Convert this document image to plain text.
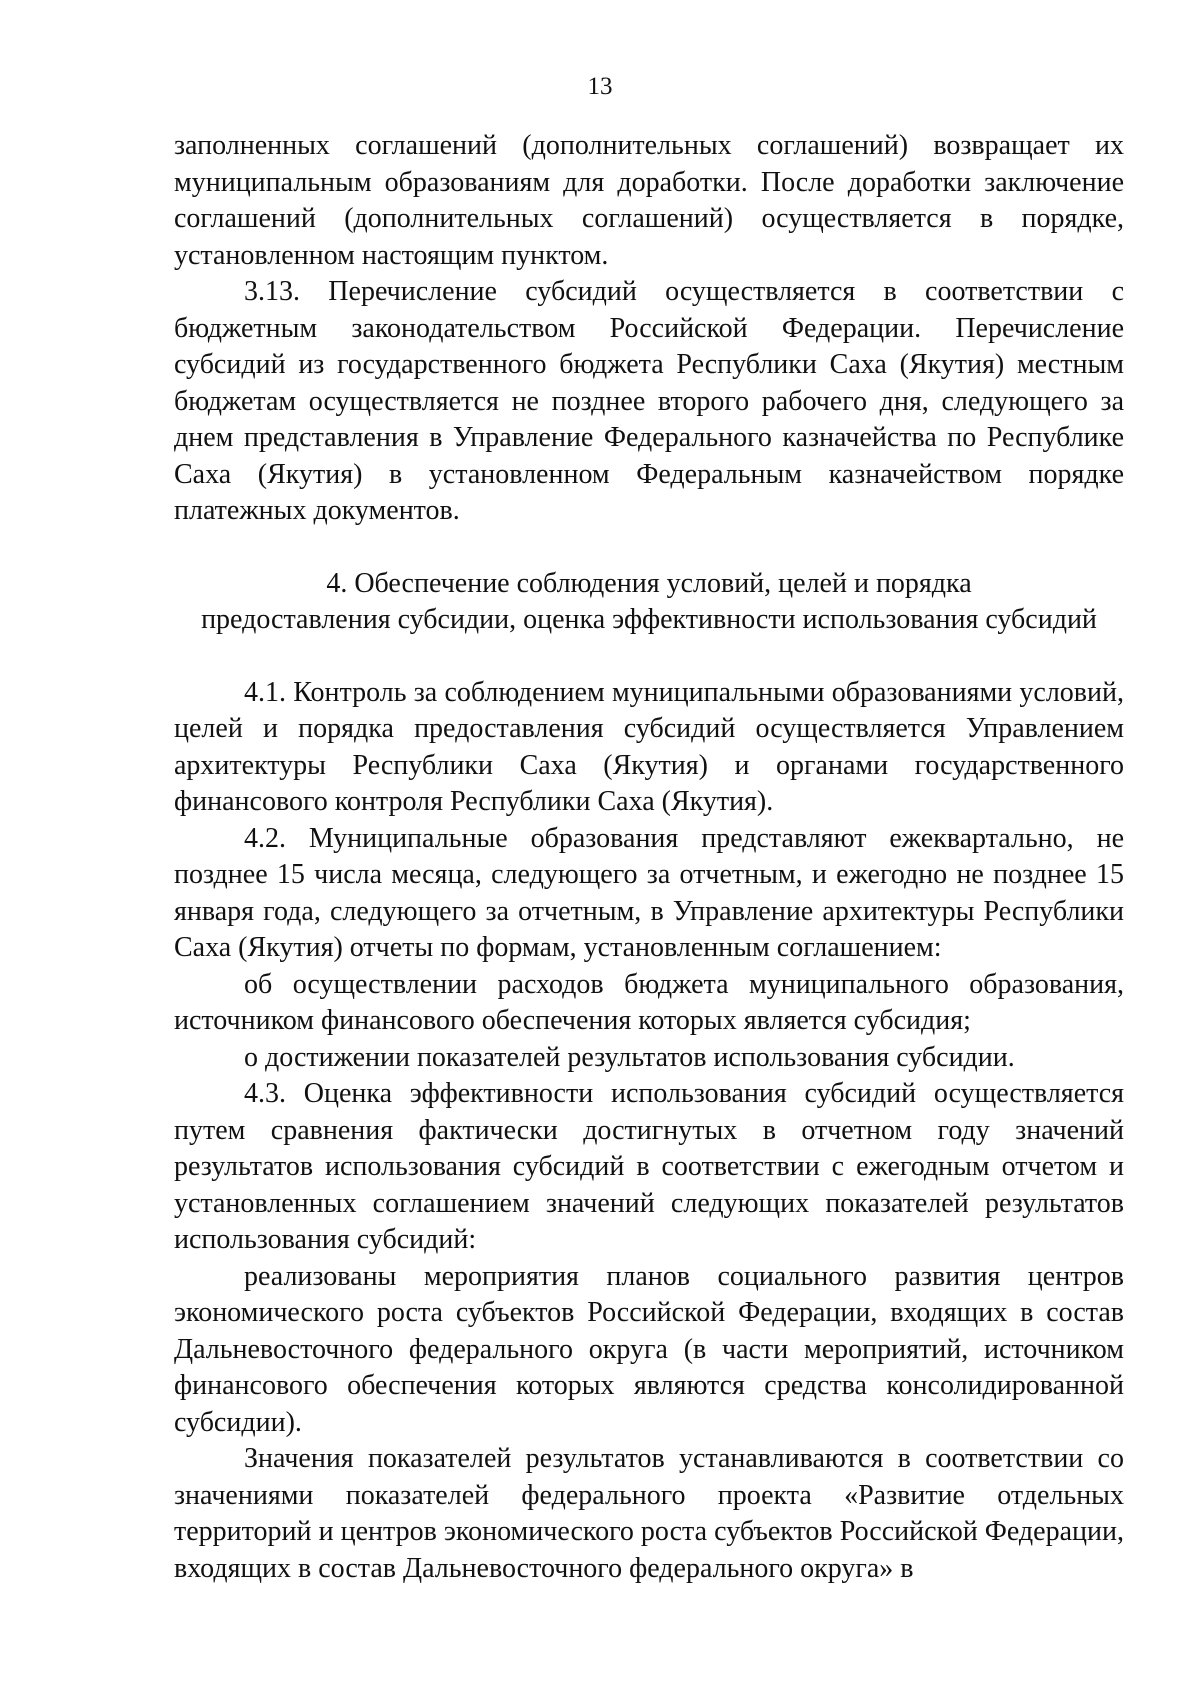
13

заполненных соглашений (дополнительных соглашений) возвращает их муниципальным образованиям для доработки. После доработки заключение соглашений (дополнительных соглашений) осуществляется в порядке, установленном настоящим пунктом.

3.13. Перечисление субсидий осуществляется в соответствии с бюджетным законодательством Российской Федерации. Перечисление субсидий из государственного бюджета Республики Саха (Якутия) местным бюджетам осуществляется не позднее второго рабочего дня, следующего за днем представления в Управление Федерального казначейства по Республике Саха (Якутия) в установленном Федеральным казначейством порядке платежных документов.

4. Обеспечение соблюдения условий, целей и порядка

предоставления субсидии, оценка эффективности использования субсидий

4.1. Контроль за соблюдением муниципальными образованиями условий, целей и порядка предоставления субсидий осуществляется Управлением архитектуры Республики Саха (Якутия) и органами государственного финансового контроля Республики Саха (Якутия).

4.2. Муниципальные образования представляют ежеквартально, не позднее 15 числа месяца, следующего за отчетным, и ежегодно не позднее 15 января года, следующего за отчетным, в Управление архитектуры Республики Саха (Якутия) отчеты по формам, установленным соглашением:

об осуществлении расходов бюджета муниципального образования, источником финансового обеспечения которых является субсидия;

о достижении показателей результатов использования субсидии.

4.3. Оценка эффективности использования субсидий осуществляется путем сравнения фактически достигнутых в отчетном году значений результатов использования субсидий в соответствии с ежегодным отчетом и установленных соглашением значений следующих показателей результатов использования субсидий:

реализованы мероприятия планов социального развития центров экономического роста субъектов Российской Федерации, входящих в состав Дальневосточного федерального округа (в части мероприятий, источником финансового обеспечения которых являются средства консолидированной субсидии).

Значения показателей результатов устанавливаются в соответствии со значениями показателей федерального проекта «Развитие отдельных территорий и центров экономического роста субъектов Российской Федерации, входящих в состав Дальневосточного федерального округа» в
